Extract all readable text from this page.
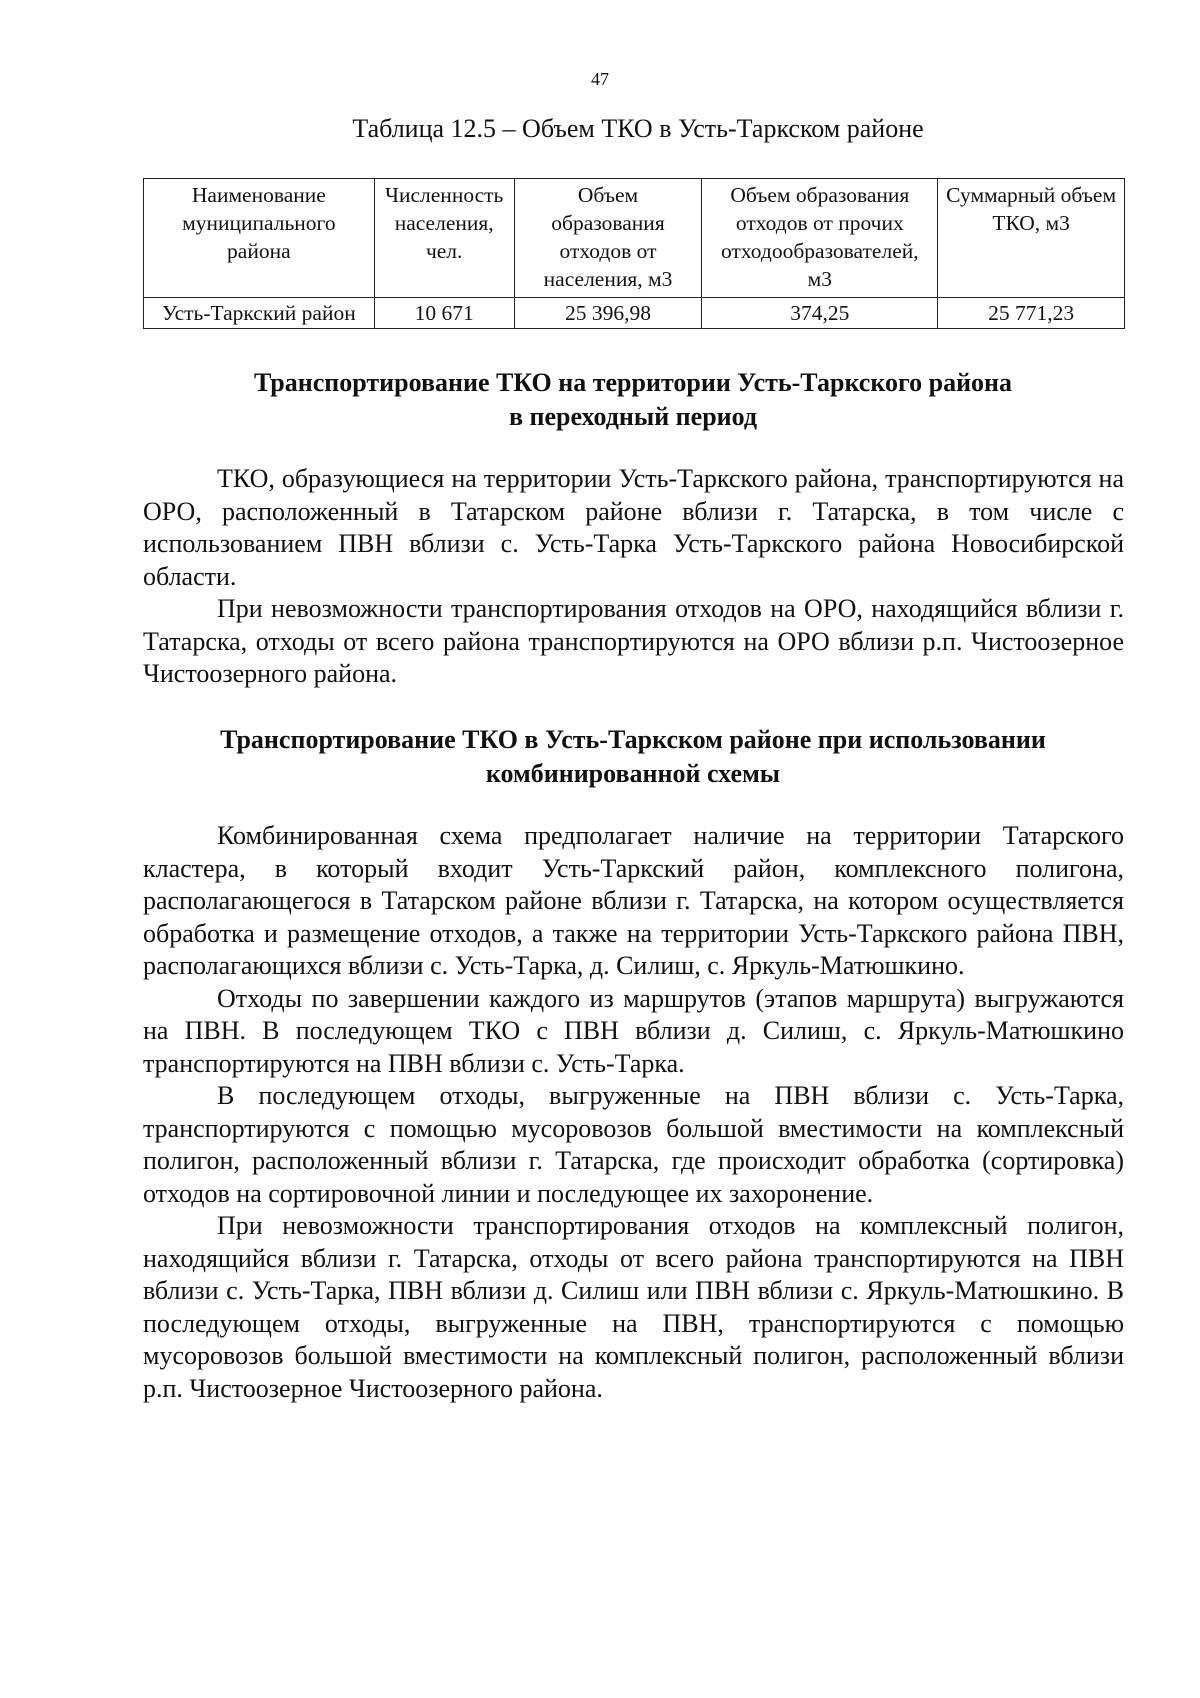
47
Таблица 12.5 – Объем ТКО в Усть-Таркском районе
Наименование муниципального района	Численность населения, чел.	Объем образования отходов от населения, м3	Объем образования отходов от прочих отходообразователей, м3	Суммарный объем ТКО, м3
Усть-Таркский район	10 671	25 396,98	374,25	25 771,23
Транспортирование ТКО на территории Усть-Таркского района
в переходный период

ТКО, образующиеся на территории Усть-Таркского района, транспортируются на ОРО, расположенный в Татарском районе вблизи г. Татарска, в том числе с использованием ПВН вблизи с. Усть-Тарка Усть-Таркского района Новосибирской области.

При невозможности транспортирования отходов на ОРО, находящийся вблизи г. Татарска, отходы от всего района транспортируются на ОРО вблизи р.п. Чистоозерное Чистоозерного района.

Транспортирование ТКО в Усть-Таркском районе при использовании
комбинированной схемы

Комбинированная схема предполагает наличие на территории Татарского кластера, в который входит Усть-Таркский район, комплексного полигона, располагающегося в Татарском районе вблизи г. Татарска, на котором осуществляется обработка и размещение отходов, а также на территории Усть-Таркского района ПВН, располагающихся вблизи с. Усть-Тарка, д. Силиш, с. Яркуль-Матюшкино.

Отходы по завершении каждого из маршрутов (этапов маршрута) выгружаются на ПВН. В последующем ТКО с ПВН вблизи д. Силиш, с. Яркуль-Матюшкино транспортируются на ПВН вблизи с. Усть-Тарка.

В последующем отходы, выгруженные на ПВН вблизи с. Усть-Тарка, транспортируются с помощью мусоровозов большой вместимости на комплексный полигон, расположенный вблизи г. Татарска, где происходит обработка (сортировка) отходов на сортировочной линии и последующее их захоронение.

При невозможности транспортирования отходов на комплексный полигон, находящийся вблизи г. Татарска, отходы от всего района транспортируются на ПВН вблизи с. Усть-Тарка, ПВН вблизи д. Силиш или ПВН вблизи с. Яркуль-Матюшкино. В последующем отходы, выгруженные на ПВН, транспортируются с помощью мусоровозов большой вместимости на комплексный полигон, расположенный вблизи р.п. Чистоозерное Чистоозерного района.
